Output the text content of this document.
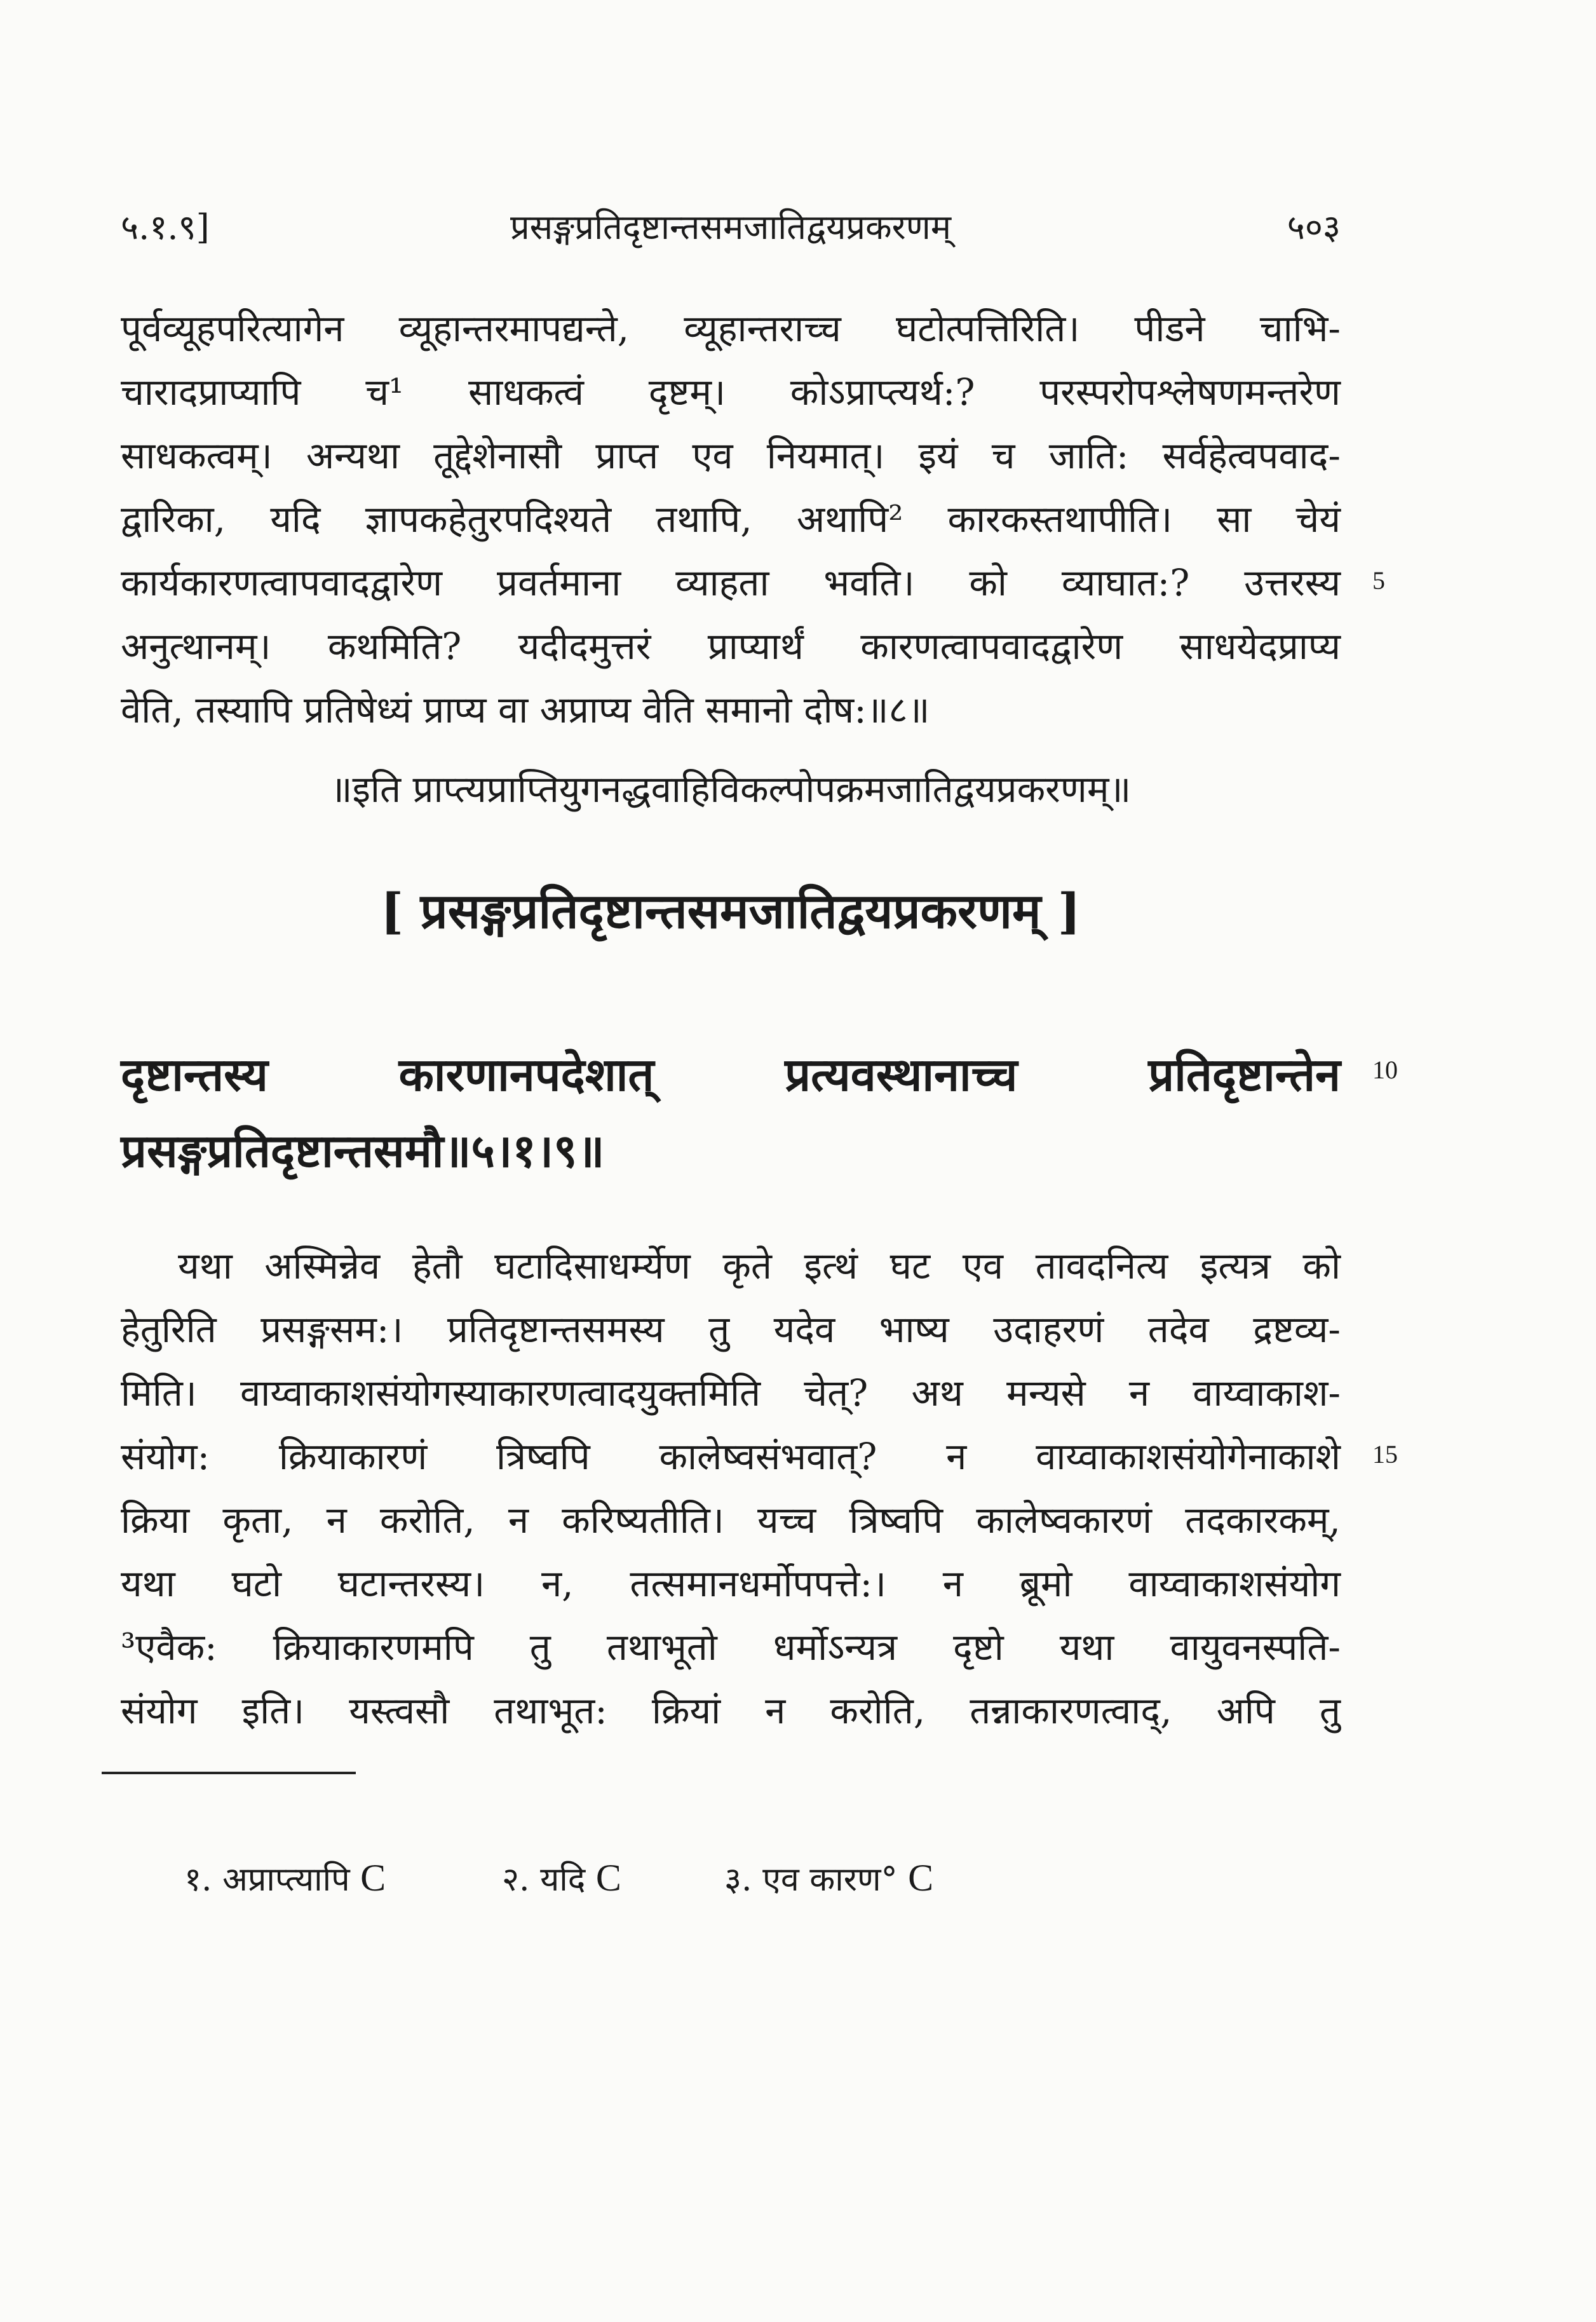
५.१.९]	प्रसङ्गप्रतिदृष्टान्तसमजातिद्वयप्रकरणम्	५०३
पूर्वव्यूहपरित्यागेन व्यूहान्तरमापद्यन्ते, व्यूहान्तराच्च घटोत्पत्तिरिति। पीडने चाभि-
चारादप्राप्यापि च¹ साधकत्वं दृष्टम्। कोऽप्राप्त्यर्थ:? परस्परोपश्लेषणमन्तरेण
साधकत्वम्। अन्यथा तूद्देशेनासौ प्राप्त एव नियमात्। इयं च जाति: सर्वहेत्वपवाद-
द्वारिका, यदि ज्ञापकहेतुरपदिश्यते तथापि, अथापि² कारकस्तथापीति। सा चेयं
कार्यकारणत्वापवादद्वारेण प्रवर्तमाना व्याहता भवति। को व्याघात:? उत्तरस्य
अनुत्थानम्। कथमिति? यदीदमुत्तरं प्राप्यार्थं कारणत्वापवादद्वारेण साधयेदप्राप्य
वेति, तस्यापि प्रतिषेध्यं प्राप्य वा अप्राप्य वेति समानो दोष:॥८॥
॥इति प्राप्त्यप्राप्तियुगनद्धवाहिविकल्पोपक्रमजातिद्वयप्रकरणम्॥
[ प्रसङ्गप्रतिदृष्टान्तसमजातिद्वयप्रकरणम् ]
दृष्टान्तस्य कारणानपदेशात् प्रत्यवस्थानाच्च प्रतिदृष्टान्तेन
प्रसङ्गप्रतिदृष्टान्तसमौ॥५।१।९॥
यथा अस्मिन्नेव हेतौ घटादिसाधर्म्येण कृते इत्थं घट एव तावदनित्य इत्यत्र को
हेतुरिति प्रसङ्गसम:। प्रतिदृष्टान्तसमस्य तु यदेव भाष्य उदाहरणं तदेव द्रष्टव्य-
मिति। वाय्वाकाशसंयोगस्याकारणत्वादयुक्तमिति चेत्? अथ मन्यसे न वाय्वाकाश-
संयोग: क्रियाकारणं त्रिष्वपि कालेष्वसंभवात्? न वाय्वाकाशसंयोगेनाकाशे
क्रिया कृता, न करोति, न करिष्यतीति। यच्च त्रिष्वपि कालेष्वकारणं तदकारकम्,
यथा घटो घटान्तरस्य। न, तत्समानधर्मोपपत्ते:। न ब्रूमो वाय्वाकाशसंयोग
³एवैक: क्रियाकारणमपि तु तथाभूतो धर्मोऽन्यत्र दृष्टो यथा वायुवनस्पति-
संयोग इति। यस्त्वसौ तथाभूत: क्रियां न करोति, तन्नाकारणत्वाद्, अपि तु
5
10
15
१. अप्राप्त्यापि C	२. यदि C	३. एव कारण° C
